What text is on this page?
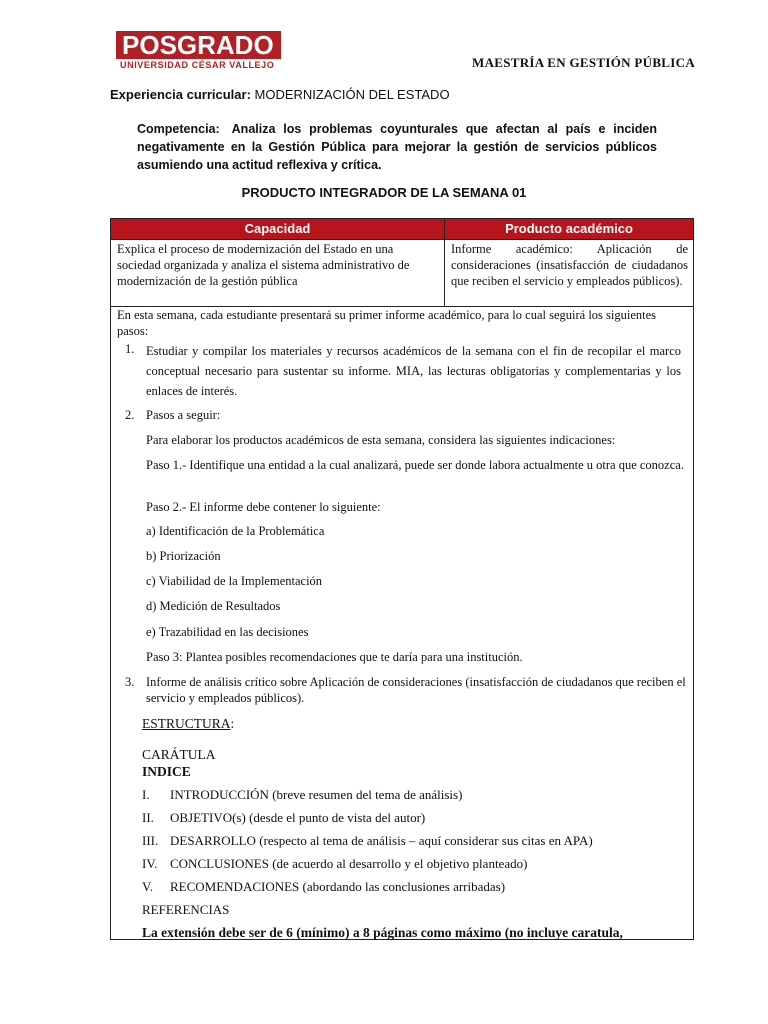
POSGRADO
UNIVERSIDAD CÉSAR VALLEJO	MAESTRÍA EN GESTIÓN PÚBLICA
Experiencia curricular: MODERNIZACIÓN DEL ESTADO
Competencia: Analiza los problemas coyunturales que afectan al país e inciden negativamente en la Gestión Pública para mejorar la gestión de servicios públicos asumiendo una actitud reflexiva y crítica.
PRODUCTO INTEGRADOR DE LA SEMANA 01
Capacidad	Producto académico
Explica el proceso de modernización del Estado en una sociedad organizada y analiza el sistema administrativo de modernización de la gestión pública
Informe académico: Aplicación de consideraciones (insatisfacción de ciudadanos que reciben el servicio y empleados públicos).
En esta semana, cada estudiante presentará su primer informe académico, para lo cual seguirá los siguientes pasos:
1. Estudiar y compilar los materiales y recursos académicos de la semana con el fin de recopilar el marco conceptual necesario para sustentar su informe. MIA, las lecturas obligatorias y complementarias y los enlaces de interés.
2. Pasos a seguir:
Para elaborar los productos académicos de esta semana, considera las siguientes indicaciones:
Paso 1.- Identifique una entidad a la cual analizará, puede ser donde labora actualmente u otra que conozca.
Paso 2.- El informe debe contener lo siguiente:
a) Identificación de la Problemática
b) Priorización
c) Viabilidad de la Implementación
d) Medición de Resultados
e) Trazabilidad en las decisiones
Paso 3: Plantea posibles recomendaciones que te daría para una institución.
3. Informe de análisis crítico sobre Aplicación de consideraciones (insatisfacción de ciudadanos que reciben el servicio y empleados públicos).
ESTRUCTURA:
CARÁTULA
INDICE
I. INTRODUCCIÓN (breve resumen del tema de análisis)
II. OBJETIVO(s) (desde el punto de vista del autor)
III. DESARROLLO (respecto al tema de análisis – aquí considerar sus citas en APA)
IV. CONCLUSIONES (de acuerdo al desarrollo y el objetivo planteado)
V. RECOMENDACIONES (abordando las conclusiones arribadas)
REFERENCIAS
La extensión debe ser de 6 (mínimo) a 8 páginas como máximo (no incluye caratula,
